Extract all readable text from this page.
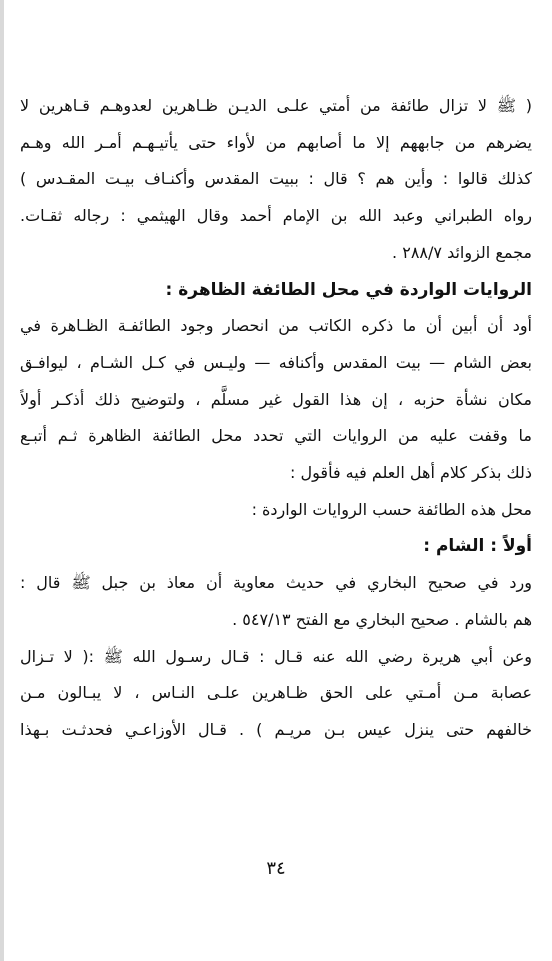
( ﷺ لا تزال طائفة من أمتي علـى الديـن ظـاهرين لعدوهـم قـاهرين لا
يضرهم من جابههم إلا ما أصابهم من لأواء حتى يأتيـهـم أمـر الله وهـم
كذلك قالوا : وأين هم ؟ قال : ببيت المقدس وأكنـاف بيـت المقـدس )
رواه الطبراني وعبد الله بن الإمام أحمد وقال الهيثمي : رجاله ثقـات.
مجمع الزوائد ٢٨٨/٧ .
الروايات الواردة في محل الطائفة الظاهرة :
أود أن أبين أن ما ذكره الكاتب من انحصار وجود الطائفـة الظـاهرة في
بعض الشام — بيت المقدس وأكنافه — وليـس في كـل الشـام ، ليوافـق
مكان نشأة حزبه ، إن هذا القول غير مسلَّم ، ولتوضيح ذلك أذكـر أولاً
ما وقفت عليه من الروايات التي تحدد محل الطائفة الظاهرة ثـم أتبـع
ذلك بذكر كلام أهل العلم فيه فأقول :
محل هذه الطائفة حسب الروايات الواردة :
أولاً : الشام :
ورد في صحيح البخاري في حديث معاوية أن معاذ بن جبل ﷺ قال :
هم بالشام . صحيح البخاري مع الفتح ٥٤٧/١٣ .
وعن أبي هريرة رضي الله عنه قـال : قـال رسـول الله ﷺ :( لا تـزال
عصابة مـن أمـتي على الحق ظـاهرين علـى النـاس ، لا يبـالون مـن
خالفهم حتى ينزل عيس بـن مريـم ) . قـال الأوزاعـي فحدثـت بـهذا
٣٤
